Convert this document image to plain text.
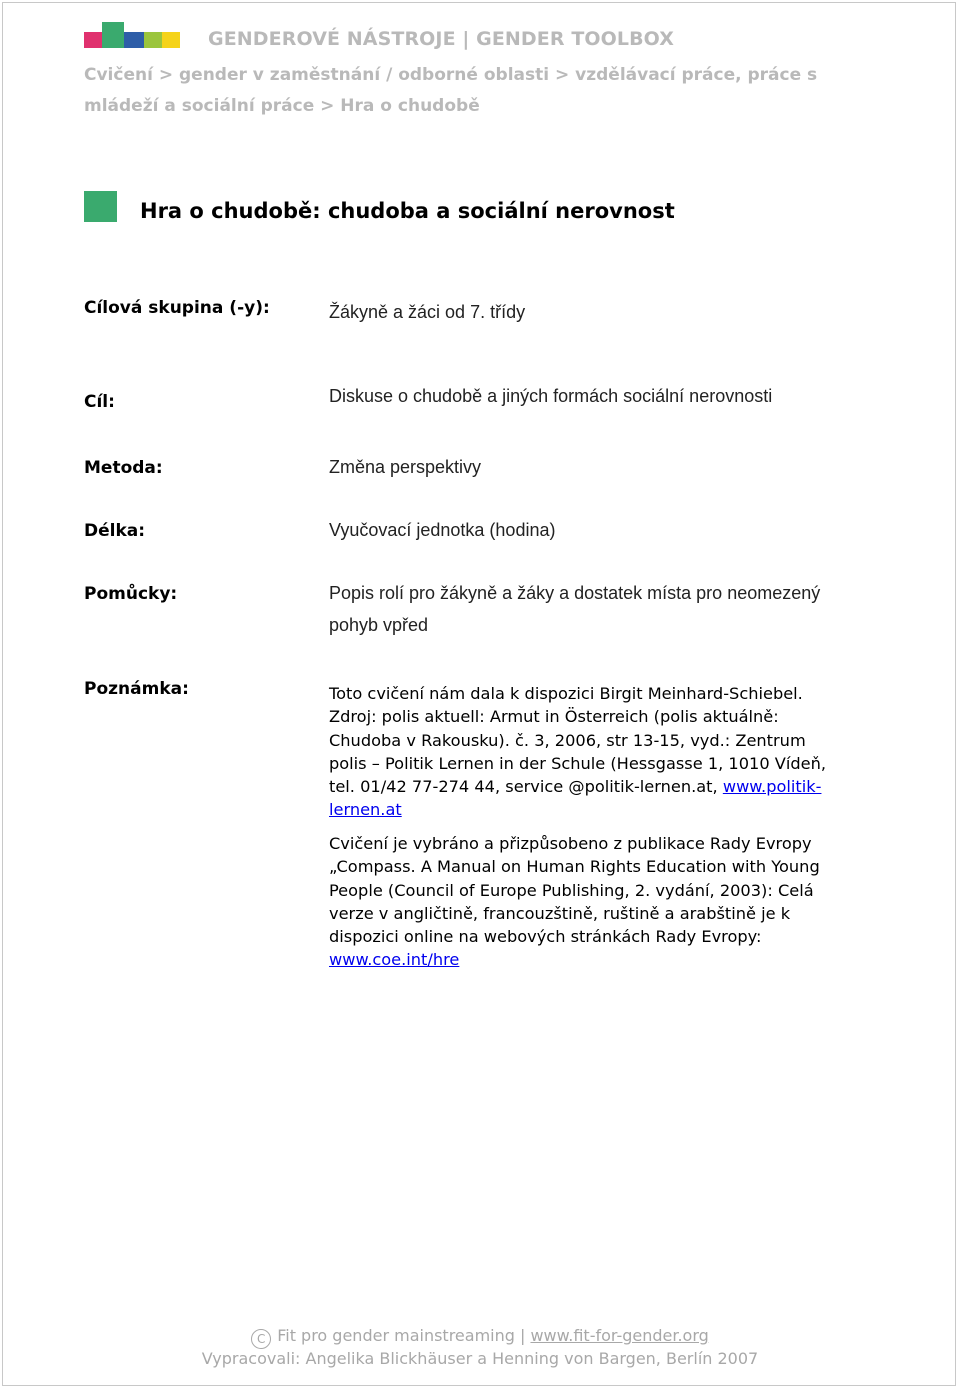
GENDEROVÉ NÁSTROJE | GENDER TOOLBOX
Cvičení > gender v zaměstnání / odborné oblasti > vzdělávací práce, práce s
mládeží a sociální práce > Hra o chudobě
Hra o chudobě: chudoba a sociální nerovnost
Cílová skupina (-y):	Žákyně a žáci od 7. třídy
Cíl:	Diskuse o chudobě a jiných formách sociální nerovnosti
Metoda:	Změna perspektivy
Délka:	Vyučovací jednotka (hodina)
Pomůcky:	Popis rolí pro žákyně a žáky a dostatek místa pro neomezený
pohyb vpřed
Poznámka:	Toto cvičení nám dala k dispozici Birgit Meinhard-Schiebel.
Zdroj: polis aktuell: Armut in Österreich (polis aktuálně:
Chudoba v Rakousku). č. 3, 2006, str 13-15, vyd.: Zentrum
polis – Politik Lernen in der Schule (Hessgasse 1, 1010 Vídeň,
tel. 01/42 77-274 44, service @politik-lernen.at, www.politik-
lernen.at
Cvičení je vybráno a přizpůsobeno z publikace Rady Evropy
„Compass. A Manual on Human Rights Education with Young
People (Council of Europe Publishing, 2. vydání, 2003): Celá
verze v angličtině, francouzštině, ruštině a arabštině je k
dispozici online na webových stránkách Rady Evropy:
www.coe.int/hre
C Fit pro gender mainstreaming | www.fit-for-gender.org
Vypracovali: Angelika Blickhäuser a Henning von Bargen, Berlín 2007
